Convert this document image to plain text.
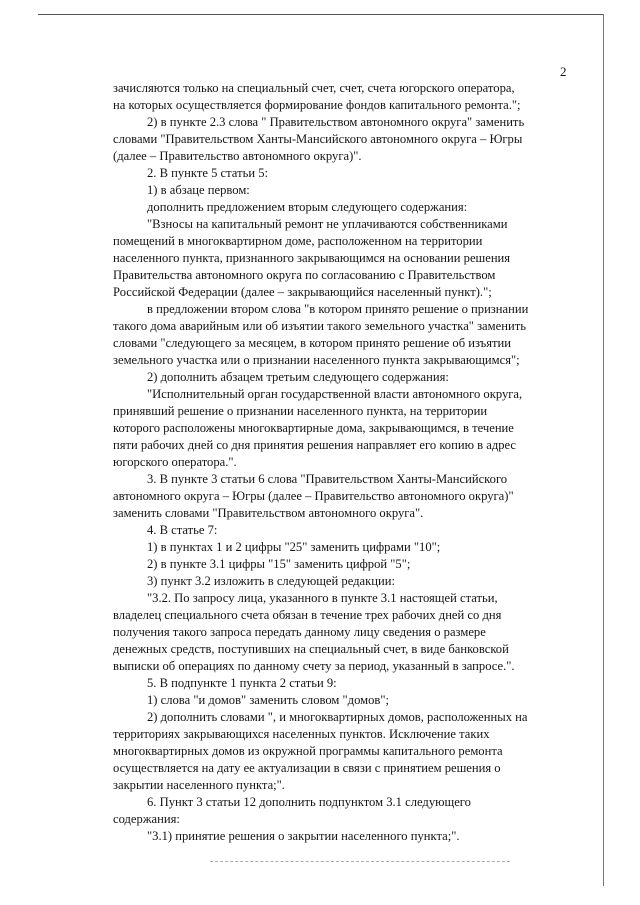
2

зачисляются только на специальный счет, счет, счета югорского оператора,
на которых осуществляется формирование фондов капитального ремонта.";

2) в пункте 2.3 слова " Правительством автономного округа" заменить
словами "Правительством Ханты-Мансийского автономного округа – Югры
(далее – Правительство автономного округа)".

2. В пункте 5 статьи 5:

1) в абзаце первом:

дополнить предложением вторым следующего содержания:

"Взносы на капитальный ремонт не уплачиваются собственниками
помещений в многоквартирном доме, расположенном на территории
населенного пункта, признанного закрывающимся на основании решения
Правительства автономного округа по согласованию с Правительством
Российской Федерации (далее – закрывающийся населенный пункт).";

в предложении втором слова "в котором принято решение о признании
такого дома аварийным или об изъятии такого земельного участка" заменить
словами "следующего за месяцем, в котором принято решение об изъятии
земельного участка или о признании населенного пункта закрывающимся";

2) дополнить абзацем третьим следующего содержания:

"Исполнительный орган государственной власти автономного округа,
принявший решение о признании населенного пункта, на территории
которого расположены многоквартирные дома, закрывающимся, в течение
пяти рабочих дней со дня принятия решения направляет его копию в адрес
югорского оператора.".

3. В пункте 3 статьи 6 слова "Правительством Ханты-Мансийского
автономного округа – Югры (далее – Правительство автономного округа)"
заменить словами "Правительством автономного округа".

4. В статье 7:

1) в пунктах 1 и 2 цифры "25" заменить цифрами "10";

2) в пункте 3.1 цифры "15" заменить цифрой "5";

3) пункт 3.2 изложить в следующей редакции:

"3.2. По запросу лица, указанного в пункте 3.1 настоящей статьи,
владелец специального счета обязан в течение трех рабочих дней со дня
получения такого запроса передать данному лицу сведения о размере
денежных средств, поступивших на специальный счет, в виде банковской
выписки об операциях по данному счету за период, указанный в запросе.".

5. В подпункте 1 пункта 2 статьи 9:

1) слова "и домов" заменить словом "домов";

2) дополнить словами ", и многоквартирных домов, расположенных на
территориях закрывающихся населенных пунктов. Исключение таких
многоквартирных домов из окружной программы капитального ремонта
осуществляется на дату ее актуализации в связи с принятием решения о
закрытии населенного пункта;".

6. Пункт 3 статьи 12 дополнить подпунктом 3.1 следующего
содержания:

"3.1) принятие решения о закрытии населенного пункта;".
